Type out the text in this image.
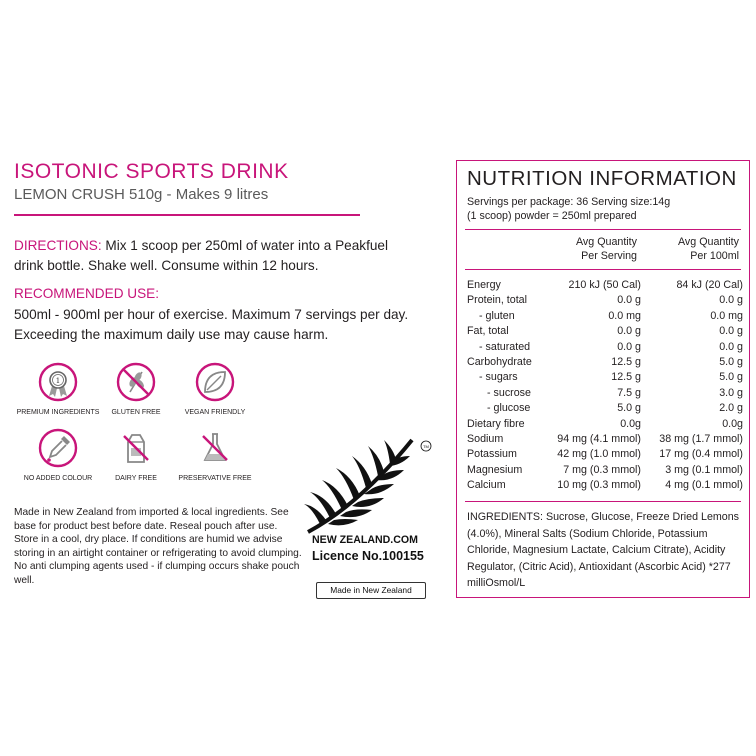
ISOTONIC SPORTS DRINK
LEMON CRUSH 510g - Makes 9 litres
DIRECTIONS: Mix 1 scoop per 250ml of water into a Peakfuel drink bottle. Shake well. Consume within 12 hours.
RECOMMENDED USE:
500ml - 900ml per hour of exercise. Maximum 7 servings per day. Exceeding the maximum daily use may cause harm.
1
PREMIUM INGREDIENTS	GLUTEN FREE	VEGAN FRIENDLY
NO ADDED COLOUR	DAIRY FREE	PRESERVATIVE FREE
Made in New Zealand from imported & local ingredients. See base for product best before date. Reseal pouch after use. Store in a cool, dry place. If conditions are humid we advise storing in an airtight container or refrigerating to avoid clumping. No anti clumping agents used - if clumping occurs shake pouch well.
TM
NEW ZEALAND.COM
Licence No.100155
Made in New Zealand
NUTRITION INFORMATION
Servings per package: 36 Serving size:14g
(1 scoop) powder = 250ml prepared
Avg Quantity
Per Serving
Avg Quantity
Per 100ml
Energy	210 kJ (50 Cal)	84 kJ (20 Cal)
Protein, total	0.0 g	0.0 g
- gluten	0.0 mg	0.0 mg
Fat, total	0.0 g	0.0 g
- saturated	0.0 g	0.0 g
Carbohydrate	12.5 g	5.0 g
- sugars	12.5 g	5.0 g
- sucrose	7.5 g	3.0 g
- glucose	5.0 g	2.0 g
Dietary fibre	0.0g	0.0g
Sodium	94 mg (4.1 mmol) 38 mg (1.7 mmol)
Potassium	42 mg (1.0 mmol) 17 mg (0.4 mmol)
Magnesium	7 mg (0.3 mmol) 3 mg (0.1 mmol)
Calcium	10 mg (0.3 mmol) 4 mg (0.1 mmol)
INGREDIENTS: Sucrose, Glucose, Freeze Dried Lemons (4.0%), Mineral Salts (Sodium Chloride, Potassium Chloride, Magnesium Lactate, Calcium Citrate), Acidity Regulator, (Citric Acid), Antioxidant (Ascorbic Acid) *277 milliOsmol/L
